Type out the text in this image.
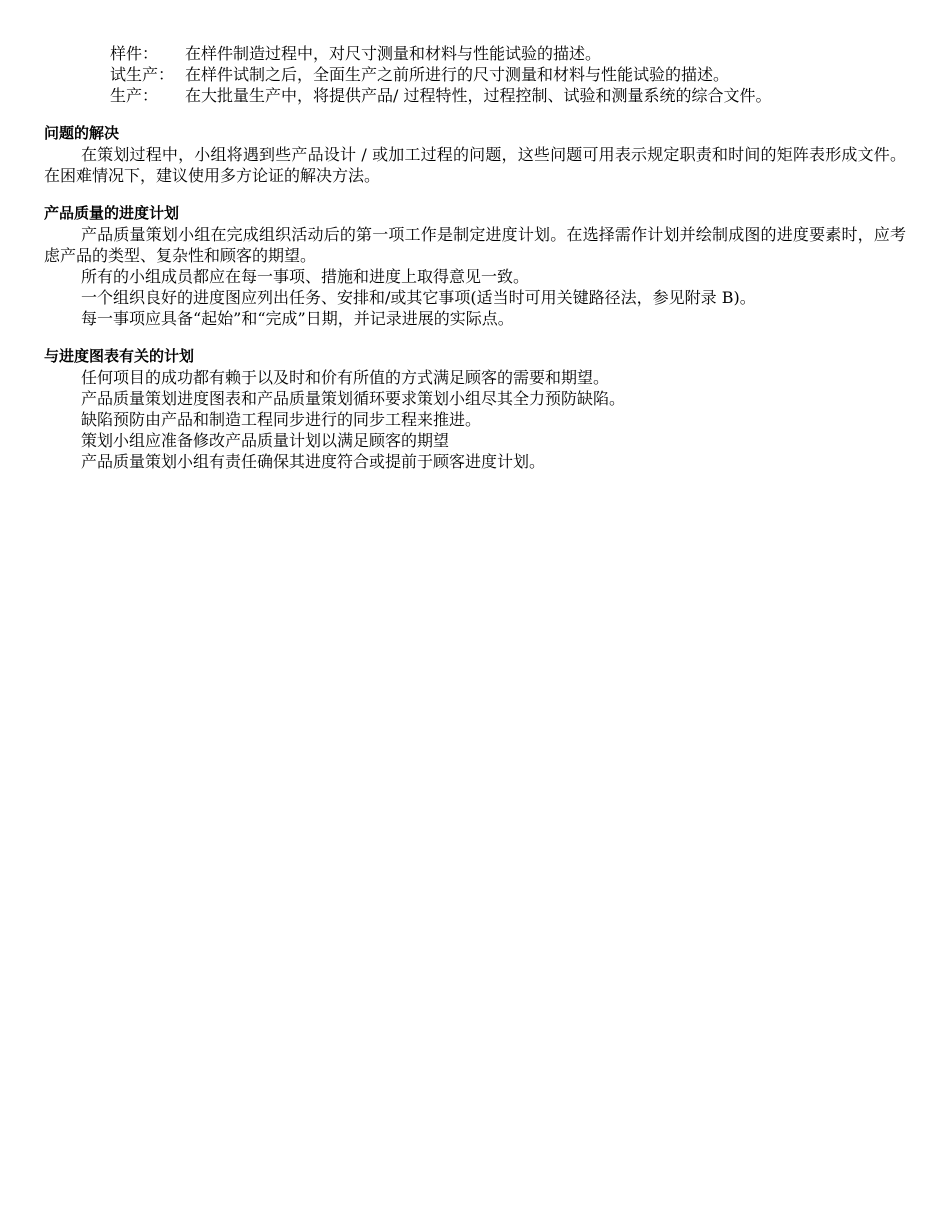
样件：	在样件制造过程中，对尺寸测量和材料与性能试验的描述。
试生产： 在样件试制之后，全面生产之前所进行的尺寸测量和材料与性能试验的描述。
生产：	在大批量生产中，将提供产品/ 过程特性，过程控制、试验和测量系统的综合文件。
问题的解决
在策划过程中，小组将遇到些产品设计 / 或加工过程的问题，这些问题可用表示规定职责和时间的矩阵表形成文件。在困难情况下，建议使用多方论证的解决方法。
产品质量的进度计划
产品质量策划小组在完成组织活动后的第一项工作是制定进度计划。在选择需作计划并绘制成图的进度要素时，应考虑产品的类型、复杂性和顾客的期望。
所有的小组成员都应在每一事项、措施和进度上取得意见一致。
一个组织良好的进度图应列出任务、安排和/或其它事项(适当时可用关键路径法，参见附录 B)。
每一事项应具备“起始”和“完成”日期，并记录进展的实际点。
与进度图表有关的计划
任何项目的成功都有赖于以及时和价有所值的方式满足顾客的需要和期望。
产品质量策划进度图表和产品质量策划循环要求策划小组尽其全力预防缺陷。
缺陷预防由产品和制造工程同步进行的同步工程来推进。
策划小组应准备修改产品质量计划以满足顾客的期望
产品质量策划小组有责任确保其进度符合或提前于顾客进度计划。
